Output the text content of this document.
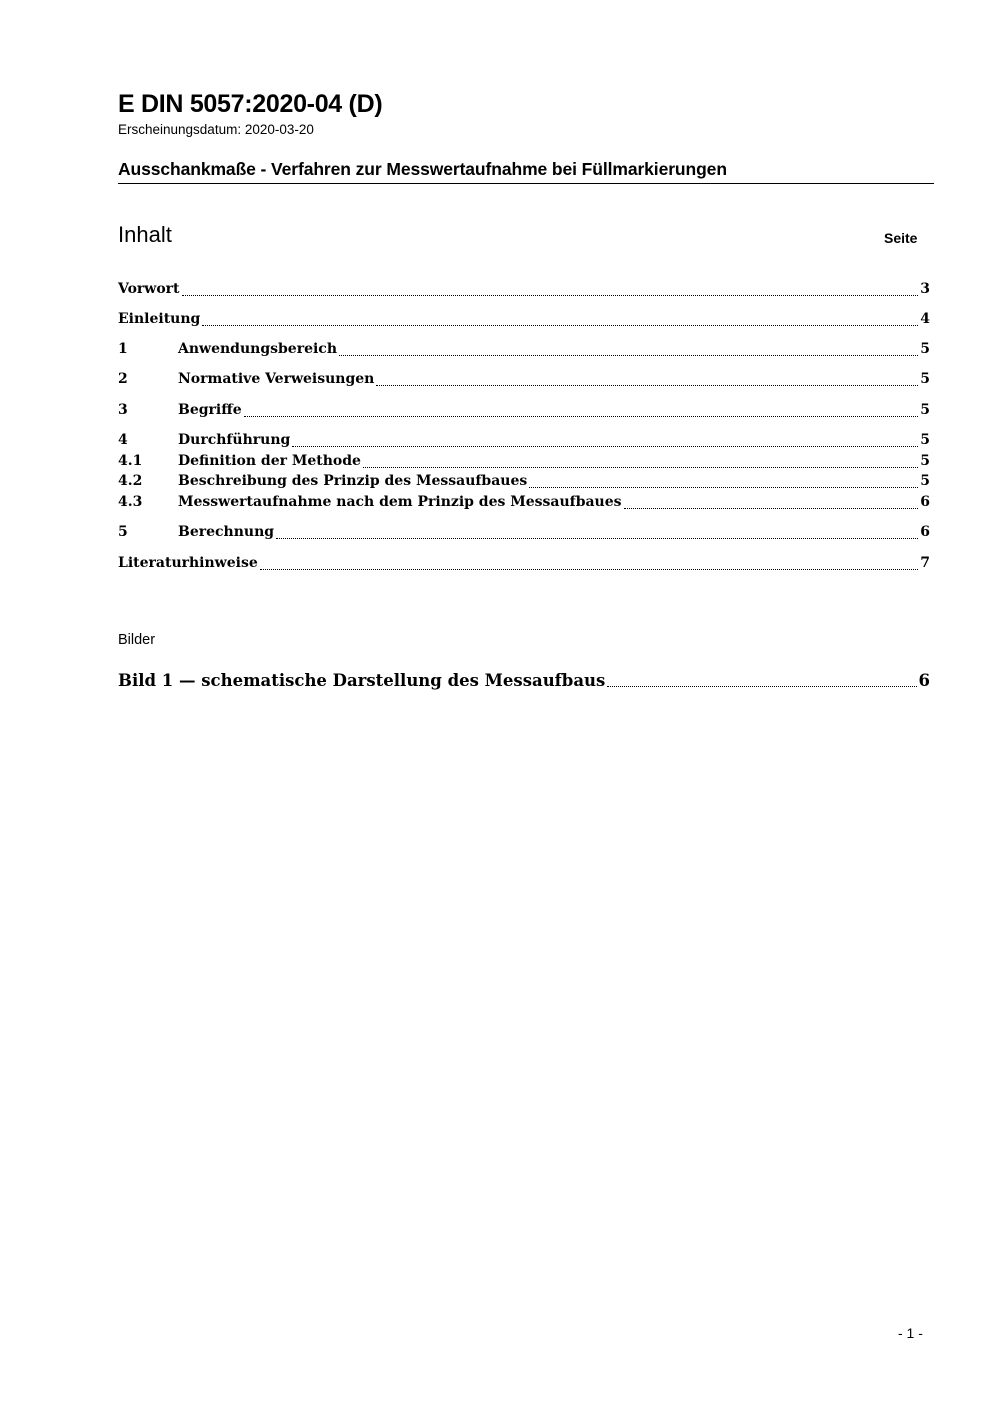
E DIN 5057:2020-04 (D)
Erscheinungsdatum: 2020-03-20
Ausschankmaße - Verfahren zur Messwertaufnahme bei Füllmarkierungen
Inhalt	Seite
Vorwort	3
Einleitung	4
1	Anwendungsbereich	5
2	Normative Verweisungen	5
3	Begriffe	5
4	Durchführung	5
4.1	Definition der Methode	5
4.2	Beschreibung des Prinzip des Messaufbaues	5
4.3	Messwertaufnahme nach dem Prinzip des Messaufbaues	6
5	Berechnung	6
Literaturhinweise	7
Bilder
Bild 1 — schematische Darstellung des Messaufbaus	6
- 1 -
